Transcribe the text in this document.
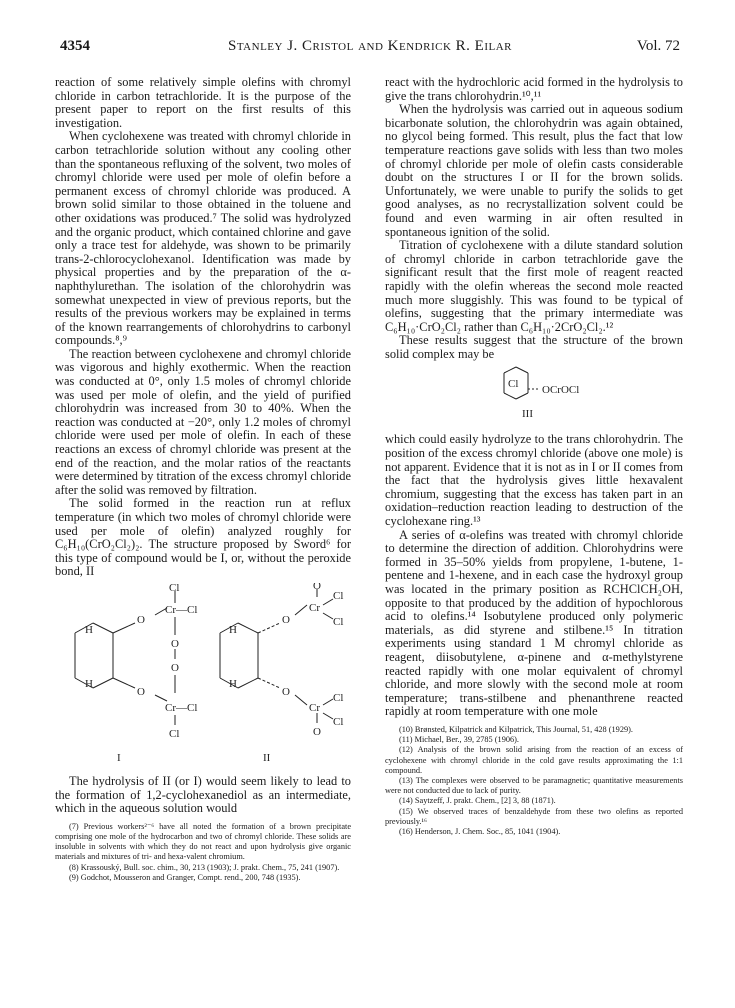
4354	Stanley J. Cristol and Kendrick R. Eilar	Vol. 72

reaction of some relatively simple olefins with chromyl chloride in carbon tetrachloride. It is the purpose of the present paper to report on the first results of this investigation.

When cyclohexene was treated with chromyl chloride in carbon tetrachloride solution without any cooling other than the spontaneous refluxing of the solvent, two moles of chromyl chloride were used per mole of olefin before a permanent excess of chromyl chloride was produced. A brown solid similar to those obtained in the toluene and other oxidations was produced.⁷ The solid was hydrolyzed and the organic product, which contained chlorine and gave only a trace test for aldehyde, was shown to be primarily trans-2-chlorocyclohexanol. Identification was made by physical properties and by the preparation of the α-naphthylurethan. The isolation of the chlorohydrin was somewhat unexpected in view of previous reports, but the results of the previous workers may be explained in terms of the known rearrangements of chlorohydrins to carbonyl compounds.⁸,⁹

The reaction between cyclohexene and chromyl chloride was vigorous and highly exothermic. When the reaction was conducted at 0°, only 1.5 moles of chromyl chloride was used per mole of olefin, and the yield of purified chlorohydrin was increased from 30 to 40%. When the reaction was conducted at −20°, only 1.2 moles of chromyl chloride were used per mole of olefin. In each of these reactions an excess of chromyl chloride was present at the end of the reaction, and the molar ratios of the reactants were determined by titration of the excess chromyl chloride after the solid was removed by filtration.

The solid formed in the reaction run at reflux temperature (in which two moles of chromyl chloride were used per mole of olefin) analyzed roughly for C₆H₁₀(CrO₂Cl₂)₂. The structure proposed by Sword⁶ for this type of compound would be I, or, without the peroxide bond, II

Cl
H
O
Cr—Cl
O
O
H
O
Cr—Cl
Cl
I
O
Cl
Cr
Cl
H
O
H
O
Cr
Cl
Cl
O
II

The hydrolysis of II (or I) would seem likely to lead to the formation of 1,2-cyclohexanediol as an intermediate, which in the aqueous solution would

(7) Previous workers²⁻⁶ have all noted the formation of a brown precipitate comprising one mole of the hydrocarbon and two of chromyl chloride. These solids are insoluble in solvents with which they do not react and upon hydrolysis give organic materials and mixtures of tri- and hexa-valent chromium.

(8) Krassouský, Bull. soc. chim., 30, 213 (1903); J. prakt. Chem., 75, 241 (1907).

(9) Godchot, Mousseron and Granger, Compt. rend., 200, 748 (1935).

react with the hydrochloric acid formed in the hydrolysis to give the trans chlorohydrin.¹⁰,¹¹

When the hydrolysis was carried out in aqueous sodium bicarbonate solution, the chlorohydrin was again obtained, no glycol being formed. This result, plus the fact that low temperature reactions gave solids with less than two moles of chromyl chloride per mole of olefin casts considerable doubt on the structures I or II for the brown solids. Unfortunately, we were unable to purify the solids to get good analyses, as no recrystallization solvent could be found and even warming in air often resulted in spontaneous ignition of the solid.

Titration of cyclohexene with a dilute standard solution of chromyl chloride in carbon tetrachloride gave the significant result that the first mole of reagent reacted rapidly with the olefin whereas the second mole reacted much more sluggishly. This was found to be typical of olefins, suggesting that the primary intermediate was C₆H₁₀·CrO₂Cl₂ rather than C₆H₁₀·2CrO₂Cl₂.¹²

These results suggest that the structure of the brown solid complex may be

Cl OCrOCl
III

which could easily hydrolyze to the trans chlorohydrin. The position of the excess chromyl chloride (above one mole) is not apparent. Evidence that it is not as in I or II comes from the fact that the hydrolysis gives little hexavalent chromium, suggesting that the excess has taken part in an oxidation–reduction reaction leading to destruction of the cyclohexane ring.¹³

A series of α-olefins was treated with chromyl chloride to determine the direction of addition. Chlorohydrins were formed in 35–50% yields from propylene, 1-butene, 1-pentene and 1-hexene, and in each case the hydroxyl group was located in the primary position as RCHClCH₂OH, opposite to that produced by the addition of hypochlorous acid to olefins.¹⁴ Isobutylene produced only polymeric materials, as did styrene and stilbene.¹⁵ In titration experiments using standard 1 M chromyl chloride as reagent, diisobutylene, α-pinene and α-methylstyrene reacted rapidly with one molar equivalent of chromyl chloride, and more slowly with the second mole at room temperature; trans-stilbene and phenanthrene reacted rapidly at room temperature with one mole

(10) Brønsted, Kilpatrick and Kilpatrick, This Journal, 51, 428 (1929).

(11) Michael, Ber., 39, 2785 (1906).

(12) Analysis of the brown solid arising from the reaction of an excess of cyclohexene with chromyl chloride in the cold gave results approximating the 1:1 compound.

(13) The complexes were observed to be paramagnetic; quantitative measurements were not conducted due to lack of purity.

(14) Saytzeff, J. prakt. Chem., [2] 3, 88 (1871).

(15) We observed traces of benzaldehyde from these two olefins as reported previously.¹⁶

(16) Henderson, J. Chem. Soc., 85, 1041 (1904).
